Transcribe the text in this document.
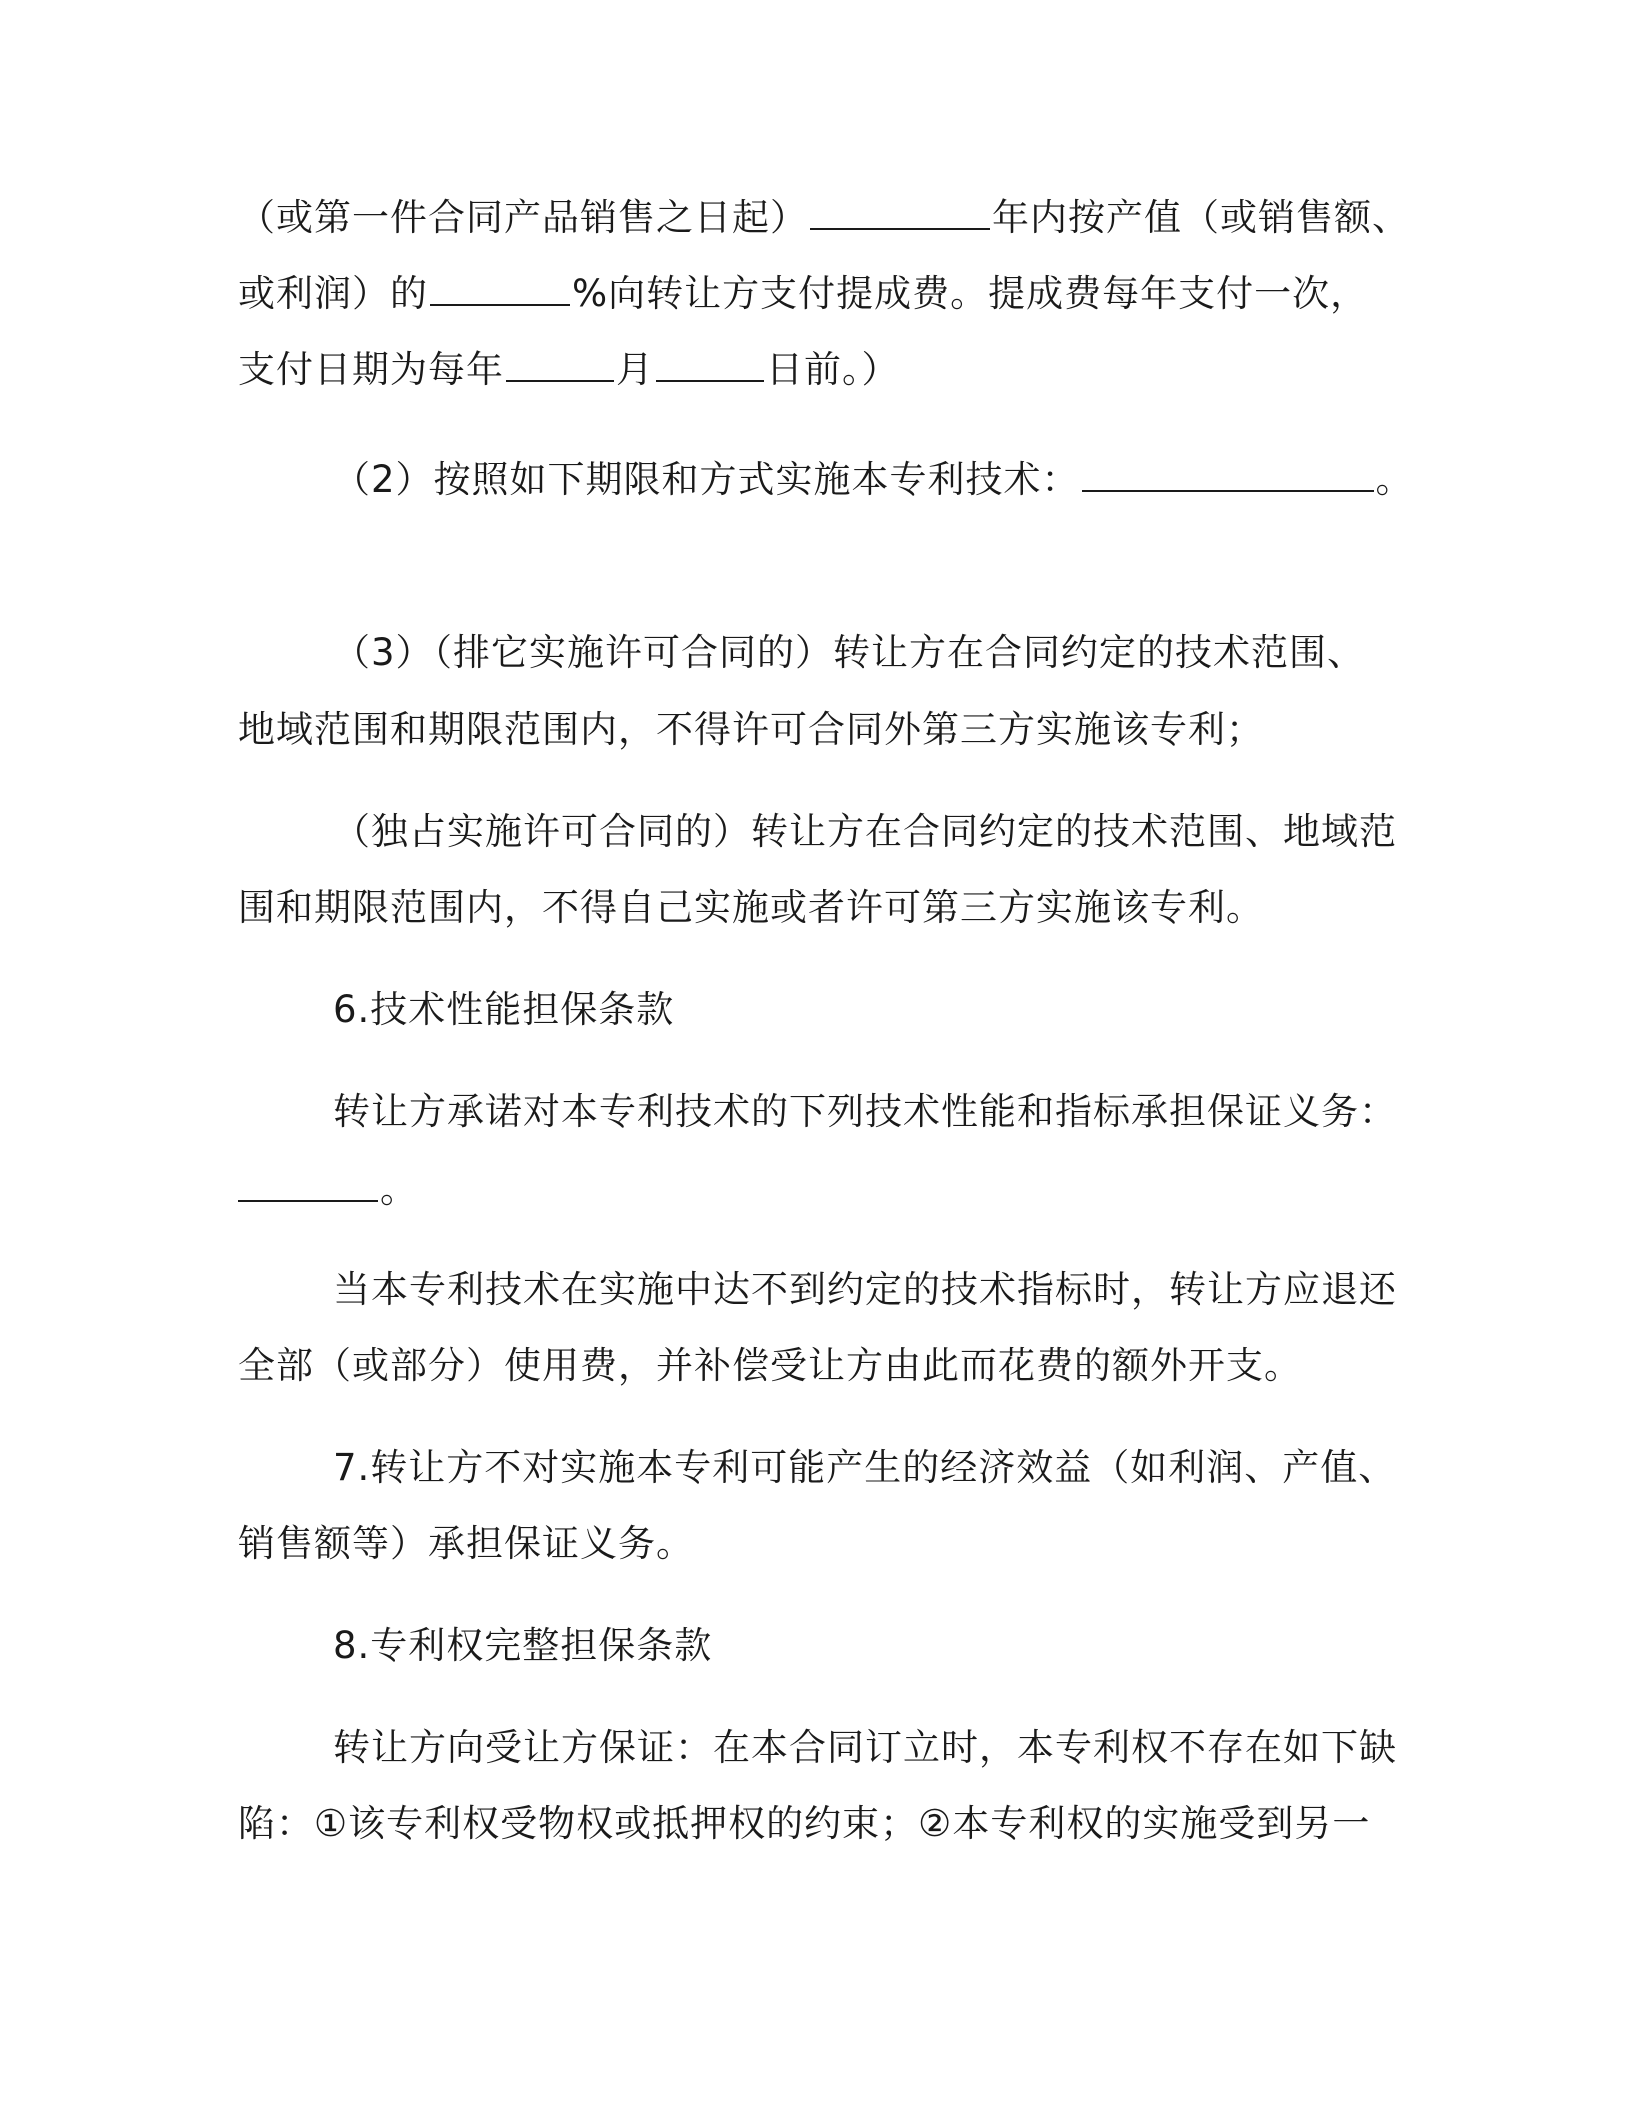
（或第一件合同产品销售之日起）	年内按产值（或销售额、
或利润）的	%向转让方支付提成费。提成费每年支付一次，
支付日期为每年	月	日前。）
（2）按照如下期限和方式实施本专利技术：	。
（3）（排它实施许可合同的）转让方在合同约定的技术范围、
地域范围和期限范围内，不得许可合同外第三方实施该专利；
（独占实施许可合同的）转让方在合同约定的技术范围、地域范
围和期限范围内，不得自己实施或者许可第三方实施该专利。
6.技术性能担保条款
转让方承诺对本专利技术的下列技术性能和指标承担保证义务：
。
当本专利技术在实施中达不到约定的技术指标时，转让方应退还
全部（或部分）使用费，并补偿受让方由此而花费的额外开支。
7.转让方不对实施本专利可能产生的经济效益（如利润、产值、
销售额等）承担保证义务。
8.专利权完整担保条款
转让方向受让方保证：在本合同订立时，本专利权不存在如下缺
陷：①该专利权受物权或抵押权的约束；②本专利权的实施受到另一
